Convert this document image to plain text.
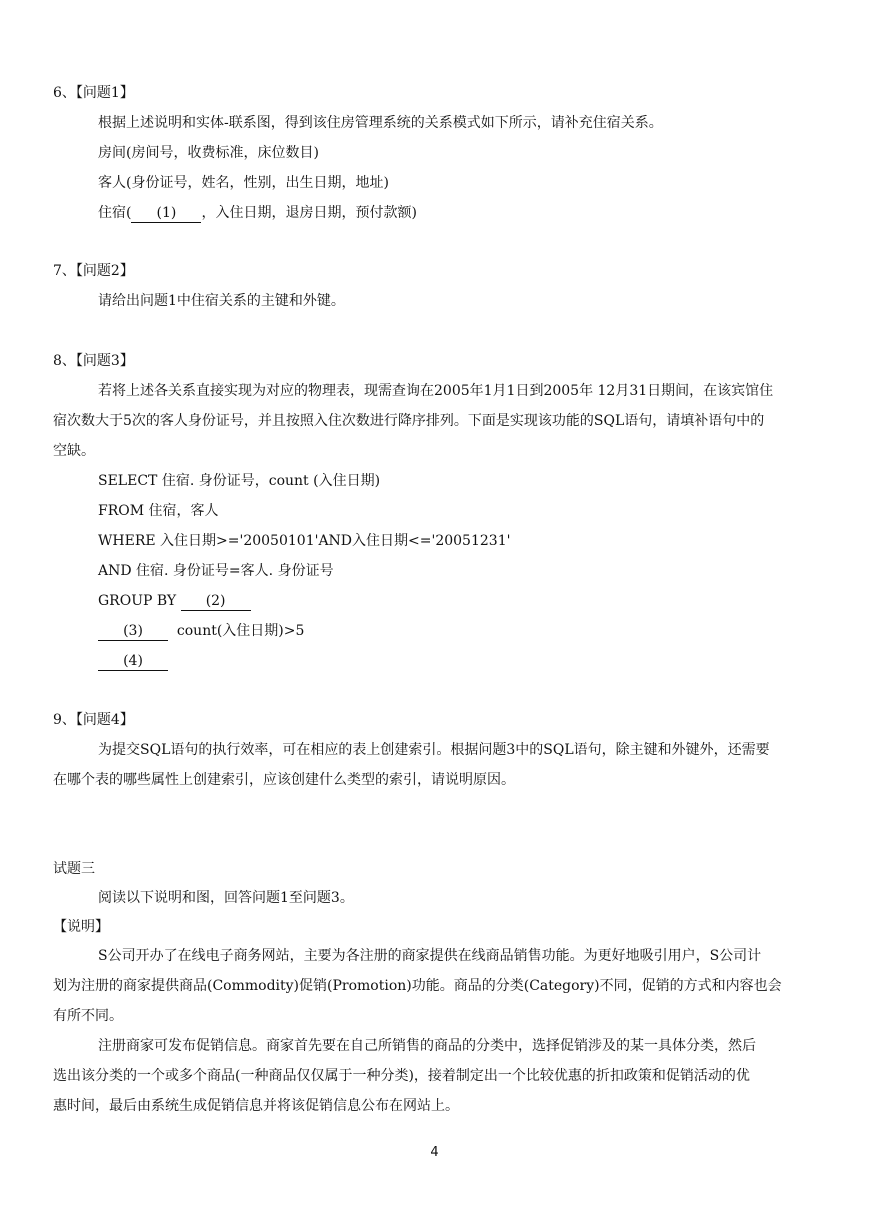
6、【问题1】
根据上述说明和实体-联系图，得到该住房管理系统的关系模式如下所示，请补充住宿关系。
房间(房间号，收费标准，床位数目)
客人(身份证号，姓名，性别，出生日期，地址)
住宿( (1) ，入住日期，退房日期，预付款额)
7、【问题2】
请给出问题1中住宿关系的主键和外键。
8、【问题3】
若将上述各关系直接实现为对应的物理表，现需查询在2005年1月1日到2005年 12月31日期间，在该宾馆住
宿次数大于5次的客人身份证号，并且按照入住次数进行降序排列。下面是实现该功能的SQL语句，请填补语句中的
空缺。
SELECT 住宿. 身份证号，count (入住日期)
FROM 住宿，客人
WHERE 入住日期>='20050101'AND入住日期<='20051231'
AND 住宿. 身份证号=客人. 身份证号
GROUP BY (2)
(3) count(入住日期)>5
(4)
9、【问题4】
为提交SQL语句的执行效率，可在相应的表上创建索引。根据问题3中的SQL语句，除主键和外键外，还需要
在哪个表的哪些属性上创建索引，应该创建什么类型的索引，请说明原因。
试题三
阅读以下说明和图，回答问题1至问题3。
【说明】
S公司开办了在线电子商务网站，主要为各注册的商家提供在线商品销售功能。为更好地吸引用户，S公司计
划为注册的商家提供商品(Commodity)促销(Promotion)功能。商品的分类(Category)不同，促销的方式和内容也会
有所不同。
注册商家可发布促销信息。商家首先要在自己所销售的商品的分类中，选择促销涉及的某一具体分类，然后
选出该分类的一个或多个商品(一种商品仅仅属于一种分类)，接着制定出一个比较优惠的折扣政策和促销活动的优
惠时间，最后由系统生成促销信息并将该促销信息公布在网站上。
4
